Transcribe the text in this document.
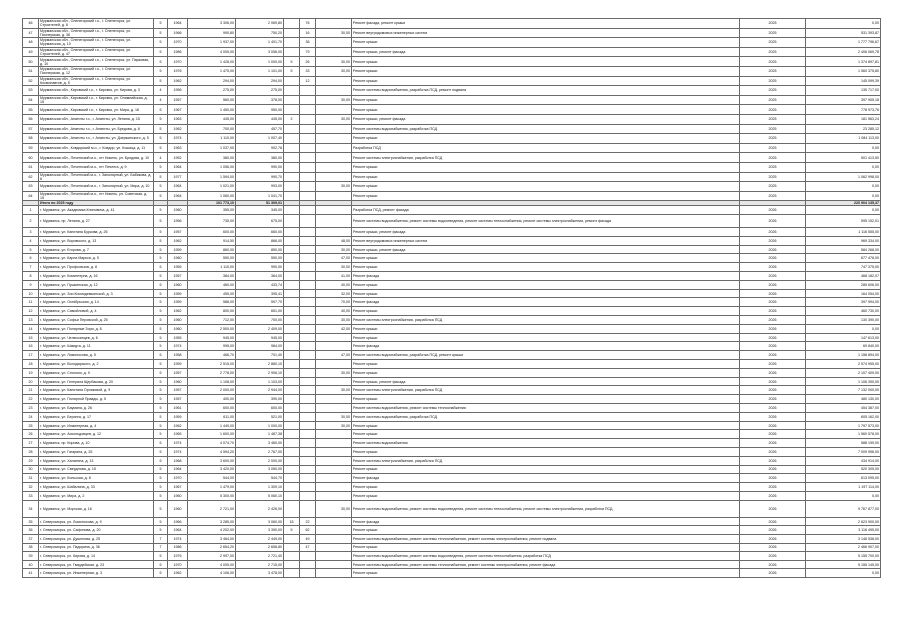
46	Мурманская обл., Оленегорский г.о., г. Оленегорск, ул. Строителей, д. 8	5	1964	3 306,00	2 069,80		76		Ремонт фасада, ремонт крыши	2025	0,00
47	Мурманская обл., Оленегорский г.о., г. Оленегорск, ул. Пионерская, д. 36	5	1966	990,80	750,20		16	30,00	Ремонт внутридомовых инженерных систем	2025	531 393,87
48	Мурманская обл., Оленегорский г.о., г. Оленегорск, ул. Мурманская, д. 10	5	1970	1 937,00	1 401,70		36		Ремонт крыши	2025	1 777 796,67
49	Мурманская обл., Оленегорский г.о., г. Оленегорск, ул. Строителей, д. 47	5	1986	4 005,00	3 056,00		79		Ремонт крыши, ремонт фасада	2025	2 406 069,78
50	Мурманская обл., Оленегорский г.о., г. Оленегорск, ул. Парковая, д. 10	5	1970	1 428,00	1 000,00	5	26	30,00	Ремонт крыши	2025	1 374 897,81
51	Мурманская обл., Оленегорский г.о., г. Оленегорск, ул. Пионерская, д. 12	5	1976	1 475,00	1 101,00	5	33	30,00	Ремонт крыши	2025	1 560 375,80
52	Мурманская обл., Оленегорский г.о., г. Оленегорск, ул. Космонавтов, д. 5	5	1962	294,00	294,00		12		Ремонт крыши	2025	145 099,39
53	Мурманская обл., Кировский г.о., г. Кировск, ул. Кирова, д. 3	4	1956	275,00	275,00				Ремонт системы водоснабжения, разработка ПСД, ремонт подвала	2025	135 717,00
54	Мурманская обл., Кировский г.о., г. Кировск, ул. Олимпийская, д. 15	4	1957	560,00	378,00			30,00	Ремонт крыши	2025	397 905,18
55	Мурманская обл., Кировский г.о., г. Кировск, ул. Мира, д. 18	5	1967	1 450,00	950,00				Ремонт крыши	2025	778 973,76
56	Мурманская обл., Апатиты г.о., г. Апатиты, ул. Ленина, д. 15	5	1963	445,00	445,00	2		30,00	Ремонт крыши, ремонт фасада	2025	181 563,24
57	Мурманская обл., Апатиты г.о., г. Апатиты, ул. Бредова, д. 8	5	1962	700,00	457,70				Ремонт системы водоснабжения, разработка ПСД	2025	23 285,12
58	Мурманская обл., Апатиты г.о., г. Апатиты, ул. Дзержинского, д. 5	5	1974	1 110,00	1 007,40				Ремонт крыши	2025	1 084 113,00
59	Мурманская обл., Ковдорский м.о., г. Ковдор, ул. Кошица, д. 11	5	1963	1 037,00	902,78				Разработка ПСД	2025	0,00
60	Мурманская обл., Печенгский м.о., пгт Никель, ул. Бредова, д. 10	4	1952	380,00	380,00				Ремонт системы электроснабжения, разработка ПСД	2025	501 413,50
61	Мурманская обл., Печенгский м.о., пгт Печенга, д. 9	5	1964	1 056,00	990,00				Ремонт крыши	2025	0,00
62	Мурманская обл., Печенгский м.о., г. Заполярный, ул. Бабикова, д. 6	5	1977	1 594,00	990,70				Ремонт крыши	2025	1 062 998,00
63	Мурманская обл., Печенгский м.о., г. Заполярный, ул. Мира, д. 10	5	1964	1 021,00	993,00			30,00	Ремонт крыши	2025	0,00
64	Мурманская обл., Печенгский м.о., пгт Никель, ул. Советская, д. 15	5	1964	1 060,00	1 041,70				Ремонт крыши	2025	0,00
	Итого по 2025 году			101 773,10	51 309,01						220 904 135,37
1	г. Мурманск, ул. Академика Книповича, д. 41	5	1960	355,00	345,00				Разработка ПСД, ремонт фасада	2026	0,00
2	г. Мурманск, пр. Ленина, д. 27	5	1956	735,00	675,00				Ремонт системы водоснабжения, ремонт системы водоотведения, ремонт системы теплоснабжения, ремонт системы электроснабжения, ремонт фасада	2026	595 152,01
3	г. Мурманск, ул. Капитана Буркова, д. 26	5	1957	600,00	660,00				Ремонт крыши, ремонт фасада	2026	1 116 555,00
4	г. Мурманск, ул. Воровского, д. 13	5	1962	914,50	866,00			48,00	Ремонт внутридомовых инженерных систем	2026	969 334,00
5	г. Мурманск, ул. Егорова, д. 7	5	1959	860,00	850,00			30,00	Ремонт крыши, ремонт фасада	2026	584 268,00
6	г. Мурманск, ул. Карла Маркса, д. 5	5	1960	550,00	550,00			47,00	Ремонт крыши	2026	677 478,00
7	г. Мурманск, ул. Профсоюзов, д. 8	5	1955	1 110,00	990,00			30,00	Ремонт крыши	2026	747 375,00
8	г. Мурманск, ул. Коминтерна, д. 16	5	1957	384,00	364,00			41,00	Ремонт фасада	2026	468 182,07
9	г. Мурманск, ул. Пушкинская, д. 12	5	1960	460,00	433,74			40,00	Ремонт крыши	2026	285 606,00
10	г. Мурманск, ул. Зои Космодемьянской, д. 3	5	1959	455,00	395,41			32,00	Ремонт крыши	2026	164 054,00
11	г. Мурманск, ул. Октябрьская, д. 14	5	1959	588,00	597,70			70,00	Ремонт фасада	2026	397 994,00
12	г. Мурманск, ул. Самойловой, д. 4	5	1962	800,00	651,00			40,00	Ремонт крыши	2026	460 730,00
13	г. Мурманск, ул. Софьи Перовской, д. 25	5	1960	712,00	700,00			30,00	Ремонт системы электроснабжения, разработка ПСД	2026	130 390,00
14	г. Мурманск, ул. Полярные Зори, д. 8	5	1960	2 500,00	2 409,00			42,00	Ремонт крыши	2026	0,00
15	г. Мурманск, ул. Челюскинцев, д. 6	5	1955	945,00	945,00				Ремонт крыши	2026	147 613,00
16	г. Мурманск, ул. Шмидта, д. 11	5	1974	995,00	984,00				Ремонт фасада	2026	69 840,00
17	г. Мурманск, ул. Ломоносова, д. 5	5	1958	466,70	701,40			47,00	Ремонт системы водоснабжения, разработка ПСД, ремонт крыши	2026	1 158 894,00
18	г. Мурманск, ул. Володарского, д. 2	5	1959	2 515,00	2 880,10				Ремонт крыши	2026	2 574 955,00
19	г. Мурманск, ул. Сполохи, д. 9	5	1957	2 778,00	2 906,10			30,00	Ремонт крыши	2026	2 107 409,00
20	г. Мурманск, ул. Генерала Щербакова, д. 20	5	1960	1 108,00	1 103,00				Ремонт крыши, ремонт фасада	2026	1 106 390,00
21	г. Мурманск, ул. Капитана Орликовой, д. 9	5	1957	2 000,00	2 944,00			30,00	Ремонт системы электроснабжения, разработка ПСД	2026	7 132 000,00
22	г. Мурманск, ул. Полярной Правды, д. 5	5	1957	400,00	390,00				Ремонт крыши	2026	480 130,00
23	г. Мурманск, ул. Баумана, д. 26	5	1961	600,00	600,00				Ремонт системы водоснабжения, ремонт системы теплоснабжения	2026	454 387,00
24	г. Мурманск, ул. Беринга, д. 17	5	1959	611,00	521,00			30,00	Ремонт системы водоснабжения, разработка ПСД	2026	605 162,00
25	г. Мурманск, ул. Инженерная, д. 4	5	1962	1 449,00	1 000,00			30,00	Ремонт крыши	2026	1 797 573,00
26	г. Мурманск, ул. Аскольдовцев, д. 12	5	1965	1 600,00	1 487,38				Ремонт крыши	2026	1 560 578,00
27	г. Мурманск, пр. Кирова, д. 10	5	1974	4 074,70	3 460,00				Ремонт системы водоснабжения	2026	588 199,00
28	г. Мурманск, ул. Гагарина, д. 25	5	1974	4 594,20	2 767,00				Ремонт крыши	2026	7 009 996,00
29	г. Мурманск, ул. Халатина, д. 13	5	1968	3 600,00	2 000,00				Ремонт системы электроснабжения, разработка ПСД	2026	434 914,00
30	г. Мурманск, ул. Свердлова, д. 15	5	1964	3 420,00	3 050,00				Ремонт крыши	2026	520 305,00
31	г. Мурманск, ул. Кольская, д. 8	5	1970	544,00	544,70				Ремонт фасада	2026	613 095,00
32	г. Мурманск, ул. Шабалина, д. 33	5	1967	1 479,00	1 309,10				Ремонт крыши	2026	1 197 114,00
33	г. Мурманск, ул. Мира, д. 2	5	1960	5 300,00	5 060,10				Ремонт крыши	2026	0,00
34	г. Мурманск, ул. Морская, д. 16	5	1960	2 721,00	2 426,00			30,00	Ремонт системы водоснабжения, ремонт системы водоотведения, ремонт системы теплоснабжения, ремонт системы электроснабжения, разработка ПСД	2026	9 767 877,00
35	г. Североморск, ул. Ломоносова, д. 9	5	1966	3 285,00	3 060,00	15	22		Ремонт фасада	2026	2 623 900,00
36	г. Североморск, ул. Сафонова, д. 20	5	1964	4 202,00	3 390,00	5	62		Ремонт крыши	2026	3 116 495,00
37	г. Североморск, ул. Душенова, д. 25	7	1974	3 464,00	2 449,00		49		Ремонт системы водоснабжения, ремонт системы теплоснабжения, ремонт системы электроснабжения, ремонт подвала	2026	3 146 538,00
38	г. Североморск, ул. Падорина, д. 36	7	1986	2 654,20	2 658,80		47		Ремонт крыши	2026	2 466 907,00
39	г. Североморск, ул. Кирова, д. 14	5	1976	2 997,00	2 721,40				Ремонт системы водоснабжения, ремонт системы водоотведения, ремонт системы теплоснабжения, разработка ПСД	2026	5 155 700,00
40	г. Североморск, ул. Гвардейская, д. 23	5	1970	4 005,00	2 715,00				Ремонт системы водоснабжения, ремонт системы теплоснабжения, ремонт системы электроснабжения, ремонт фасада	2026	5 155 145,00
41	г. Североморск, ул. Инженерная, д. 3	5	1962	4 106,00	3 478,00				Ремонт крыши	2026	0,00
